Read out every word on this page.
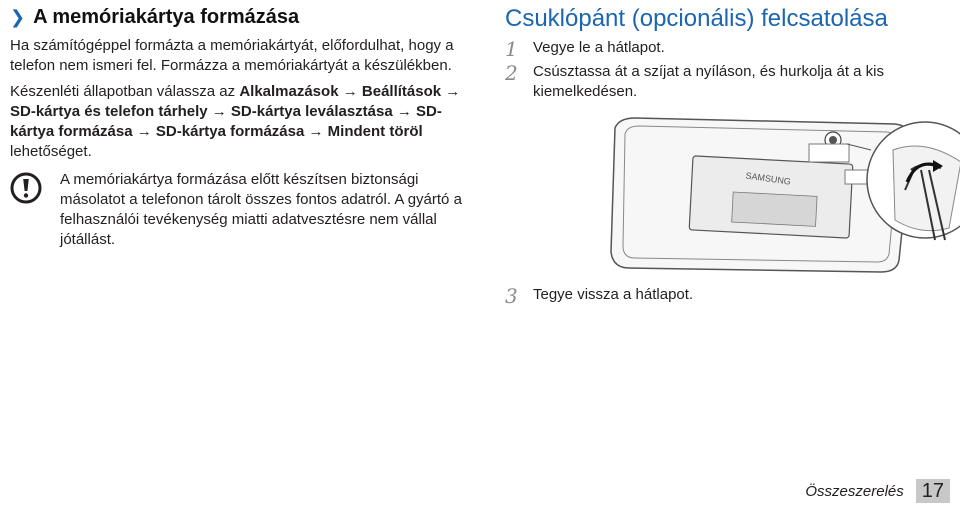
❯ A memóriakártya formázása

Ha számítógéppel formázta a memóriakártyát, előfordulhat, hogy a telefon nem ismeri fel. Formázza a memóriakártyát a készülékben.

Készenléti állapotban válassza az Alkalmazások → Beállítások → SD-kártya és telefon tárhely → SD-kártya leválasztása → SD-kártya formázása → SD-kártya formázása → Mindent töröl lehetőséget.

A memóriakártya formázása előtt készítsen biztonsági másolatot a telefonon tárolt összes fontos adatról. A gyártó a felhasználói tevékenység miatti adatvesztésre nem vállal jótállást.

Csuklópánt (opcionális) felcsatolása
1	Vegye le a hátlapot.
2	Csúsztassa át a szíjat a nyíláson, és hurkolja át a kis kiemelkedésen.
SAMSUNG
3	Tegye vissza a hátlapot.
Összeszerelés 17
